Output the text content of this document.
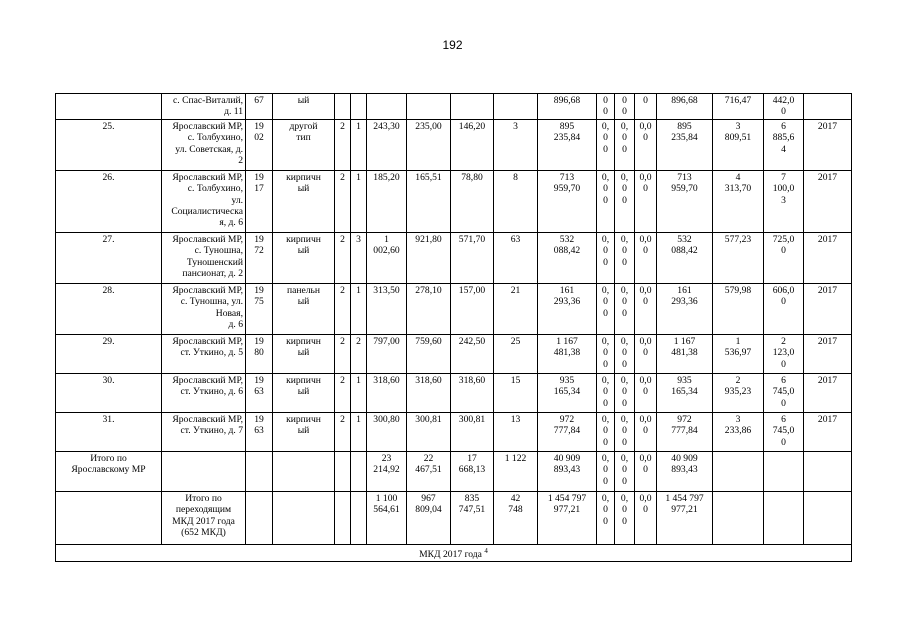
192
	с. Спас-Виталий,
д. 11	67	ый							896,68	0
0	0
0	0	896,68	716,47	442,0
0	
25.	Ярославский МР,
с. Толбухино,
ул. Советская, д.
2	19
02	другой
тип	2	1	243,30	235,00	146,20	3	895
235,84	0,
0
0	0,
0
0	0,0
0	895
235,84	3
809,51	6
885,6
4	2017
26.	Ярославский МР,
с. Толбухино,
ул.
Социалистическа
я, д. 6	19
17	кирпичн
ый	2	1	185,20	165,51	78,80	8	713
959,70	0,
0
0	0,
0
0	0,0
0	713
959,70	4
313,70	7
100,0
3	2017
27.	Ярославский МР,
с. Туношна,
Туношенский
пансионат, д. 2	19
72	кирпичн
ый	2	3	1
002,60	921,80	571,70	63	532
088,42	0,
0
0	0,
0
0	0,0
0	532
088,42	577,23	725,0
0	2017
28.	Ярославский МР,
с. Туношна, ул.
Новая,
д. 6	19
75	панельн
ый	2	1	313,50	278,10	157,00	21	161
293,36	0,
0
0	0,
0
0	0,0
0	161
293,36	579,98	606,0
0	2017
29.	Ярославский МР,
ст. Уткино, д. 5	19
80	кирпичн
ый	2	2	797,00	759,60	242,50	25	1 167
481,38	0,
0
0	0,
0
0	0,0
0	1 167
481,38	1
536,97	2
123,0
0	2017
30.	Ярославский МР,
ст. Уткино, д. 6	19
63	кирпичн
ый	2	1	318,60	318,60	318,60	15	935
165,34	0,
0
0	0,
0
0	0,0
0	935
165,34	2
935,23	6
745,0
0	2017
31.	Ярославский МР,
ст. Уткино, д. 7	19
63	кирпичн
ый	2	1	300,80	300,81	300,81	13	972
777,84	0,
0
0	0,
0
0	0,0
0	972
777,84	3
233,86	6
745,0
0	2017
Итого по
Ярославскому МР						23
214,92	22
467,51	17
668,13	1 122	40 909
893,43	0,
0
0	0,
0
0	0,0
0	40 909
893,43			
	Итого по
переходящим
МКД 2017 года
(652 МКД)					1 100
564,61	967
809,04	835
747,51	42
748	1 454 797
977,21	0,
0
0	0,
0
0	0,0
0	1 454 797
977,21			
МКД 2017 года $^4$
